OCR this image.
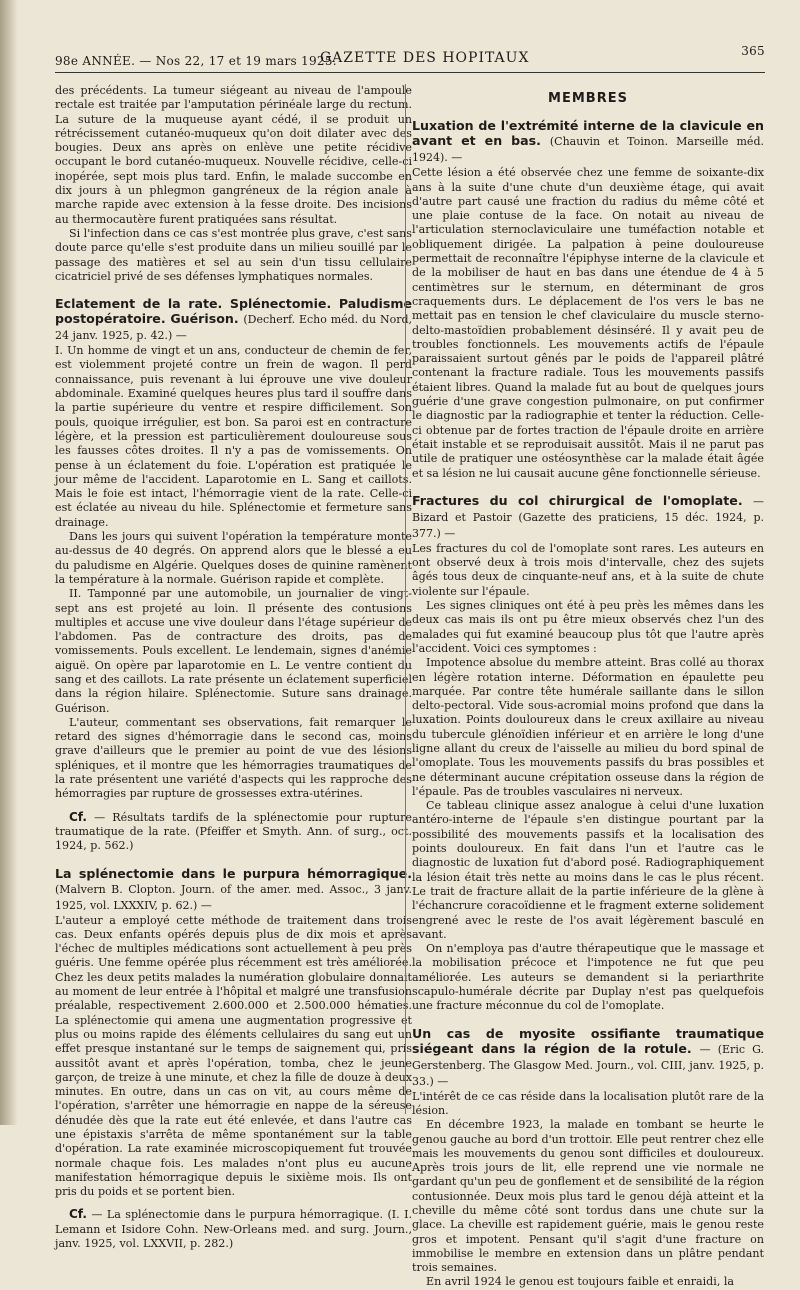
98e ANNÉE. — Nos 22, 17 et 19 mars 1925.
GAZETTE DES HOPITAUX	365

des précédents. La tumeur siégeant au niveau de l'ampoule rectale est traitée par l'amputation périnéale large du rectum. La suture de la muqueuse ayant cédé, il se produit un rétrécissement cutanéo-muqueux qu'on doit dilater avec des bougies. Deux ans après on enlève une petite récidive occupant le bord cutanéo-muqueux. Nouvelle récidive, celle-ci inopérée, sept mois plus tard. Enfin, le malade succombe en dix jours à un phlegmon gangréneux de la région anale à marche rapide avec extension à la fesse droite. Des incisions au thermocautère furent pratiquées sans résultat.

Si l'infection dans ce cas s'est montrée plus grave, c'est sans doute parce qu'elle s'est produite dans un milieu souillé par le passage des matières et sel au sein d'un tissu cellulaire cicatriciel privé de ses défenses lymphatiques normales.

Eclatement de la rate. Splénectomie. Paludisme postopératoire. Guérison. (Decherf. Echo méd. du Nord, 24 janv. 1925, p. 42.) —

I. Un homme de vingt et un ans, conducteur de chemin de fer, est violemment projeté contre un frein de wagon. Il perd connaissance, puis revenant à lui éprouve une vive douleur abdominale. Examiné quelques heures plus tard il souffre dans la partie supérieure du ventre et respire difficilement. Son pouls, quoique irrégulier, est bon. Sa paroi est en contracture légère, et la pression est particulièrement douloureuse sous les fausses côtes droites. Il n'y a pas de vomissements. On pense à un éclatement du foie. L'opération est pratiquée le jour même de l'accident. Laparotomie en L. Sang et caillots. Mais le foie est intact, l'hémorragie vient de la rate. Celle-ci est éclatée au niveau du hile. Splénectomie et fermeture sans drainage.

Dans les jours qui suivent l'opération la température monte au-dessus de 40 degrés. On apprend alors que le blessé a eu du paludisme en Algérie. Quelques doses de quinine ramènent la température à la normale. Guérison rapide et complète.

II. Tamponné par une automobile, un journalier de vingt-sept ans est projeté au loin. Il présente des contusions multiples et accuse une vive douleur dans l'étage supérieur de l'abdomen. Pas de contracture des droits, pas de vomissements. Pouls excellent. Le lendemain, signes d'anémie aiguë. On opère par laparotomie en L. Le ventre contient du sang et des caillots. La rate présente un éclatement superficiel dans la région hilaire. Splénectomie. Suture sans drainage. Guérison.

L'auteur, commentant ses observations, fait remarquer le retard des signes d'hémorragie dans le second cas, moins grave d'ailleurs que le premier au point de vue des lésions spléniques, et il montre que les hémorragies traumatiques de la rate présentent une variété d'aspects qui les rapproche des hémorragies par rupture de grossesses extra-utérines.

Cf. — Résultats tardifs de la splénectomie pour rupture traumatique de la rate. (Pfeiffer et Smyth. Ann. of surg., oct. 1924, p. 562.)

La splénectomie dans le purpura hémorragique. (Malvern B. Clopton. Journ. of the amer. med. Assoc., 3 janv. 1925, vol. LXXXIV, p. 62.) —

L'auteur a employé cette méthode de traitement dans trois cas. Deux enfants opérés depuis plus de dix mois et après l'échec de multiples médications sont actuellement à peu près guéris. Une femme opérée plus récemment est très améliorée. Chez les deux petits malades la numération globulaire donnait au moment de leur entrée à l'hôpital et malgré une transfusion préalable, respectivement 2.600.000 et 2.500.000 hématies. La splénectomie qui amena une augmentation progressive et plus ou moins rapide des éléments cellulaires du sang eut un effet presque instantané sur le temps de saignement qui, pris aussitôt avant et après l'opération, tomba, chez le jeune garçon, de treize à une minute, et chez la fille de douze à deux minutes. En outre, dans un cas on vit, au cours même de l'opération, s'arrêter une hémorragie en nappe de la séreuse dénudée dès que la rate eut été enlevée, et dans l'autre cas une épistaxis s'arrêta de même spontanément sur la table d'opération. La rate examinée microscopiquement fut trouvée normale chaque fois. Les malades n'ont plus eu aucune manifestation hémorragique depuis le sixième mois. Ils ont pris du poids et se portent bien.

Cf. — La splénectomie dans le purpura hémorragique. (I. I. Lemann et Isidore Cohn. New-Orleans med. and surg. Journ., janv. 1925, vol. LXXVII, p. 282.)

MEMBRES
Luxation de l'extrémité interne de la clavicule en avant et en bas. (Chauvin et Toinon. Marseille méd. 1924). —

Cette lésion a été observée chez une femme de soixante-dix ans à la suite d'une chute d'un deuxième étage, qui avait d'autre part causé une fraction du radius du même côté et une plaie contuse de la face. On notait au niveau de l'articulation sternoclaviculaire une tuméfaction notable et obliquement dirigée. La palpation à peine douloureuse permettait de reconnaître l'épiphyse interne de la clavicule et de la mobiliser de haut en bas dans une étendue de 4 à 5 centimètres sur le sternum, en déterminant de gros craquements durs. Le déplacement de l'os vers le bas ne mettait pas en tension le chef claviculaire du muscle sterno-delto-mastoïdien probablement désinséré. Il y avait peu de troubles fonctionnels. Les mouvements actifs de l'épaule paraissaient surtout gênés par le poids de l'appareil plâtré contenant la fracture radiale. Tous les mouvements passifs étaient libres. Quand la malade fut au bout de quelques jours guérie d'une grave congestion pulmonaire, on put confirmer le diagnostic par la radiographie et tenter la réduction. Celle-ci obtenue par de fortes traction de l'épaule droite en arrière était instable et se reproduisait aussitôt. Mais il ne parut pas utile de pratiquer une ostéosynthèse car la malade était âgée et sa lésion ne lui causait aucune gêne fonctionnelle sérieuse.

Fractures du col chirurgical de l'omoplate. — Bizard et Pastoir (Gazette des praticiens, 15 déc. 1924, p. 377.) —

Les fractures du col de l'omoplate sont rares. Les auteurs en ont observé deux à trois mois d'intervalle, chez des sujets âgés tous deux de cinquante-neuf ans, et à la suite de chute violente sur l'épaule.

Les signes cliniques ont été à peu près les mêmes dans les deux cas mais ils ont pu être mieux observés chez l'un des malades qui fut examiné beaucoup plus tôt que l'autre après l'accident. Voici ces symptomes :

Impotence absolue du membre atteint. Bras collé au thorax en légère rotation interne. Déformation en épaulette peu marquée. Par contre tête humérale saillante dans le sillon delto-pectoral. Vide sous-acromial moins profond que dans la luxation. Points douloureux dans le creux axillaire au niveau du tubercule glénoïdien inférieur et en arrière le long d'une ligne allant du creux de l'aisselle au milieu du bord spinal de l'omoplate. Tous les mouvements passifs du bras possibles et ne déterminant aucune crépitation osseuse dans la région de l'épaule. Pas de troubles vasculaires ni nerveux.

Ce tableau clinique assez analogue à celui d'une luxation antéro-interne de l'épaule s'en distingue pourtant par la possibilité des mouvements passifs et la localisation des points douloureux. En fait dans l'un et l'autre cas le diagnostic de luxation fut d'abord posé. Radiographiquement la lésion était très nette au moins dans le cas le plus récent. Le trait de fracture allait de la partie inférieure de la glène à l'échancrure coracoïdienne et le fragment externe solidement engrené avec le reste de l'os avait légèrement basculé en avant.

On n'employa pas d'autre thérapeutique que le massage et la mobilisation précoce et l'impotence ne fut que peu améliorée. Les auteurs se demandent si la periarthrite scapulo-humérale décrite par Duplay n'est pas quelquefois une fracture méconnue du col de l'omoplate.

Un cas de myosite ossifiante traumatique siégeant dans la région de la rotule. — (Eric G. Gerstenberg. The Glasgow Med. Journ., vol. CIII, janv. 1925, p. 33.) —

L'intérêt de ce cas réside dans la localisation plutôt rare de la lésion.

En décembre 1923, la malade en tombant se heurte le genou gauche au bord d'un trottoir. Elle peut rentrer chez elle mais les mouvements du genou sont difficiles et douloureux. Après trois jours de lit, elle reprend une vie normale ne gardant qu'un peu de gonflement et de sensibilité de la région contusionnée. Deux mois plus tard le genou déjà atteint et la cheville du même côté sont tordus dans une chute sur la glace. La cheville est rapidement guérie, mais le genou reste gros et impotent. Pensant qu'il s'agit d'une fracture on immobilise le membre en extension dans un plâtre pendant trois semaines.

En avril 1924 le genou est toujours faible et enraidi, la
